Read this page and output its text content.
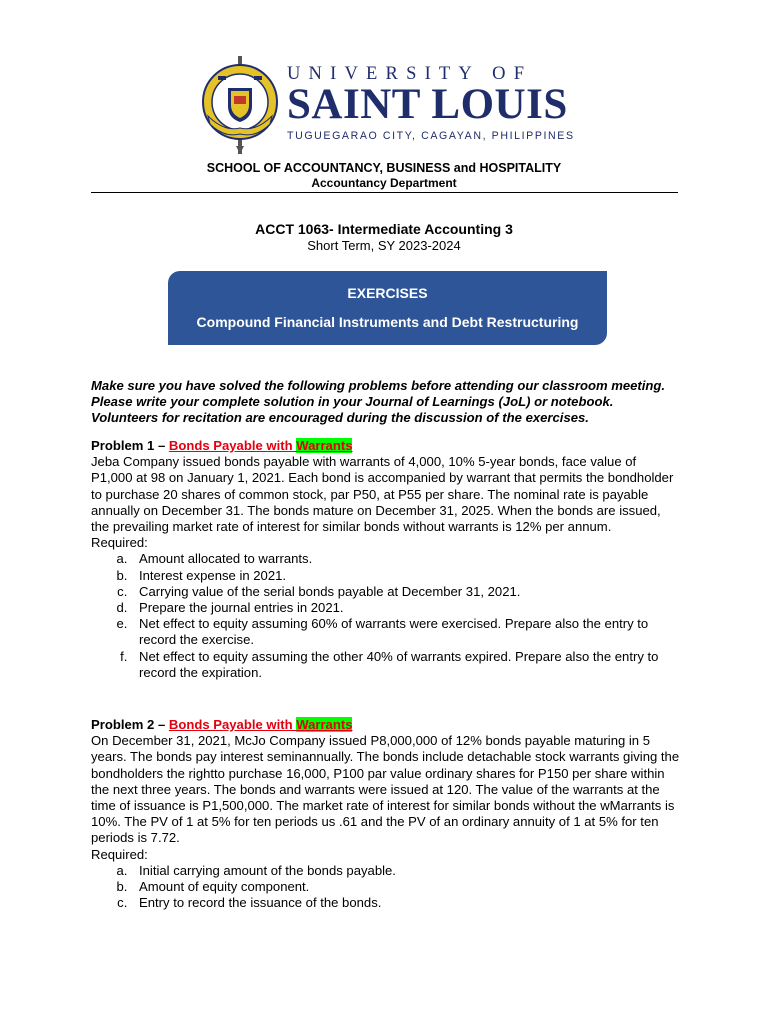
UNIVERSITY OF
SAINT LOUIS
TUGUEGARAO CITY, CAGAYAN, PHILIPPINES
SCHOOL OF ACCOUNTANCY, BUSINESS and HOSPITALITY
Accountancy Department
ACCT 1063- Intermediate Accounting 3
Short Term, SY 2023-2024
EXERCISES
Compound Financial Instruments and Debt Restructuring
Make sure you have solved the following problems before attending our classroom meeting. Please write your complete solution in your Journal of Learnings (JoL) or notebook. Volunteers for recitation are encouraged during the discussion of the exercises.
Problem 1 – Bonds Payable with Warrants

Jeba Company issued bonds payable with warrants of 4,000, 10% 5-year bonds, face value of P1,000 at 98 on January 1, 2021. Each bond is accompanied by warrant that permits the bondholder to purchase 20 shares of common stock, par P50, at P55 per share. The nominal rate is payable annually on December 31. The bonds mature on December 31, 2025. When the bonds are issued, the prevailing market rate of interest for similar bonds without warrants is 12% per annum.

Required:

a. Amount allocated to warrants.
b. Interest expense in 2021.
c. Carrying value of the serial bonds payable at December 31, 2021.
d. Prepare the journal entries in 2021.
e. Net effect to equity assuming 60% of warrants were exercised. Prepare also the entry to record the exercise.
f. Net effect to equity assuming the other 40% of warrants expired. Prepare also the entry to record the expiration.
Problem 2 – Bonds Payable with Warrants

On December 31, 2021, McJo Company issued P8,000,000 of 12% bonds payable maturing in 5 years. The bonds pay interest seminannually. The bonds include detachable stock warrants giving the bondholders the rightto purchase 16,000, P100 par value ordinary shares for P150 per share within the next three years. The bonds and warrants were issued at 120. The value of the warrants at the time of issuance is P1,500,000. The market rate of interest for similar bonds without the wMarrants is 10%. The PV of 1 at 5% for ten periods us .61 and the PV of an ordinary annuity of 1 at 5% for ten periods is 7.72.

Required:

a. Initial carrying amount of the bonds payable.
b. Amount of equity component.
c. Entry to record the issuance of the bonds.
